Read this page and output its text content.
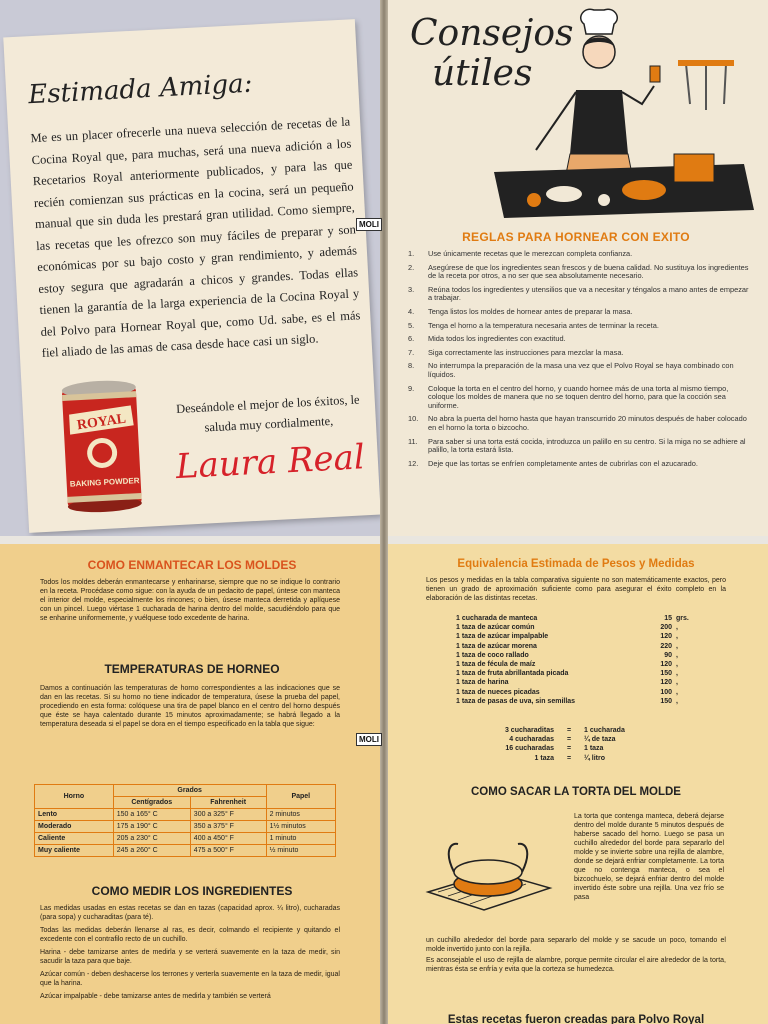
Estimada Amiga:
Me es un placer ofrecerle una nueva selección de recetas de la Cocina Royal que, para muchas, será una nueva adición a los Recetarios Royal anteriormente publicados, y para las que recién comienzan sus prácticas en la cocina, será un pequeño manual que sin duda les prestará gran utilidad. Como siempre, las recetas que les ofrezco son muy fáciles de preparar y son económicas por su bajo costo y gran rendimiento, y además estoy segura que agradarán a chicos y grandes. Todas ellas tienen la garantía de la larga experiencia de la Cocina Royal y del Polvo para Hornear Royal que, como Ud. sabe, es el más fiel aliado de las amas de casa desde hace casi un siglo.
Deseándole el mejor de los éxitos, le saluda muy cordialmente,
Laura Real
ROYAL
BAKING POWDER
Consejos
útiles
REGLAS PARA HORNEAR CON EXITO
1.	Use únicamente recetas que le merezcan completa confianza.
2.	Asegúrese de que los ingredientes sean frescos y de buena calidad. No sustituya los ingredientes de la receta por otros, a no ser que sea absolutamente necesario.
3.	Reúna todos los ingredientes y utensilios que va a necesitar y téngalos a mano antes de empezar a trabajar.
4.	Tenga listos los moldes de hornear antes de preparar la masa.
5.	Tenga el horno a la temperatura necesaria antes de terminar la receta.
6.	Mida todos los ingredientes con exactitud.
7.	Siga correctamente las instrucciones para mezclar la masa.
8.	No interrumpa la preparación de la masa una vez que el Polvo Royal se haya combinado con líquidos.
9.	Coloque la torta en el centro del horno, y cuando hornee más de una torta al mismo tiempo, coloque los moldes de manera que no se toquen dentro del horno, para que la cocción sea uniforme.
10.	No abra la puerta del horno hasta que hayan transcurrido 20 minutos después de haber colocado en el horno la torta o bizcocho.
11.	Para saber si una torta está cocida, introduzca un palillo en su centro. Si la miga no se adhiere al palillo, la torta estará lista.
12.	Deje que las tortas se enfríen completamente antes de cubrirlas con el azucarado.
COMO ENMANTECAR LOS MOLDES
Todos los moldes deberán enmantecarse y enharinarse, siempre que no se indique lo contrario en la receta. Procédase como sigue: con la ayuda de un pedacito de papel, úntese con manteca el interior del molde, especialmente los rincones; o bien, úsese manteca derretida y aplíquese con un pincel. Luego viértase 1 cucharada de harina dentro del molde, sacudiéndolo para que se enharine uniformemente, y vuélquese todo excedente de harina.
TEMPERATURAS DE HORNEO
Damos a continuación las temperaturas de horno correspondientes a las indicaciones que se dan en las recetas. Si su horno no tiene indicador de temperatura, úsese la prueba del papel, procediendo en esta forma: colóquese una tira de papel blanco en el centro del horno después que éste se haya calentado durante 15 minutos aproximadamente; se habrá llegado a la temperatura deseada si el papel se dora en el tiempo especificado en la tabla que sigue:
Horno	Grados		Papel
	Centígrados	Fahrenheit	
Lento	150 a 165° C	300 a 325° F	2 minutos
Moderado	175 a 190° C	350 a 375° F	1½ minutos
Caliente	205 a 230° C	400 a 450° F	1 minuto
Muy caliente	245 a 260° C	475 a 500° F	½ minuto
COMO MEDIR LOS INGREDIENTES

Las medidas usadas en estas recetas se dan en tazas (capacidad aprox. ¼ litro), cucharadas (para sopa) y cucharaditas (para té).

Todas las medidas deberán llenarse al ras, es decir, colmando el recipiente y quitando el excedente con el contrafilo recto de un cuchillo.

Harina - debe tamizarse antes de medirla y se verterá suavemente en la taza de medir, sin sacudir la taza para que baje.

Azúcar común - deben deshacerse los terrones y verterla suavemente en la taza de medir, igual que la harina.

Azúcar impalpable - debe tamizarse antes de medirla y también se verterá

Equivalencia Estimada de Pesos y Medidas
Los pesos y medidas en la tabla comparativa siguiente no son matemáticamente exactos, pero tienen un grado de aproximación suficiente como para asegurar el éxito completo en la elaboración de las distintas recetas.
1 cucharada de manteca	15 grs.
1 taza de azúcar común	200 ,
1 taza de azúcar impalpable	120 ,
1 taza de azúcar morena	220 ,
1 taza de coco rallado	90 ,
1 taza de fécula de maíz	120 ,
1 taza de fruta abrillantada picada	150 ,
1 taza de harina	120 ,
1 taza de nueces picadas	100 ,
1 taza de pasas de uva, sin semillas	150 ,
3 cucharaditas	=	1 cucharada
4 cucharadas	=	¼ de taza
16 cucharadas	=	1 taza
1 taza	=	¼ litro
COMO SACAR LA TORTA DEL MOLDE
La torta que contenga manteca, deberá dejarse dentro del molde durante 5 minutos después de haberse sacado del horno. Luego se pasa un cuchillo alrededor del borde para separarlo del molde y se invierte sobre una rejilla de alambre, donde se dejará enfriar completamente. La torta que no contenga manteca, o sea el bizcochuelo, se dejará enfriar dentro del molde invertido éste sobre una rejilla. Una vez frío se pasa

un cuchillo alrededor del borde para separarlo del molde y se sacude un poco, tomando el molde invertido junto con la rejilla.

Es aconsejable el uso de rejilla de alambre, porque permite circular el aire alrededor de la torta, mientras ésta se enfría y evita que la corteza se humedezca.

Estas recetas fueron creadas para Polvo Royal
MOLI
MOLI
